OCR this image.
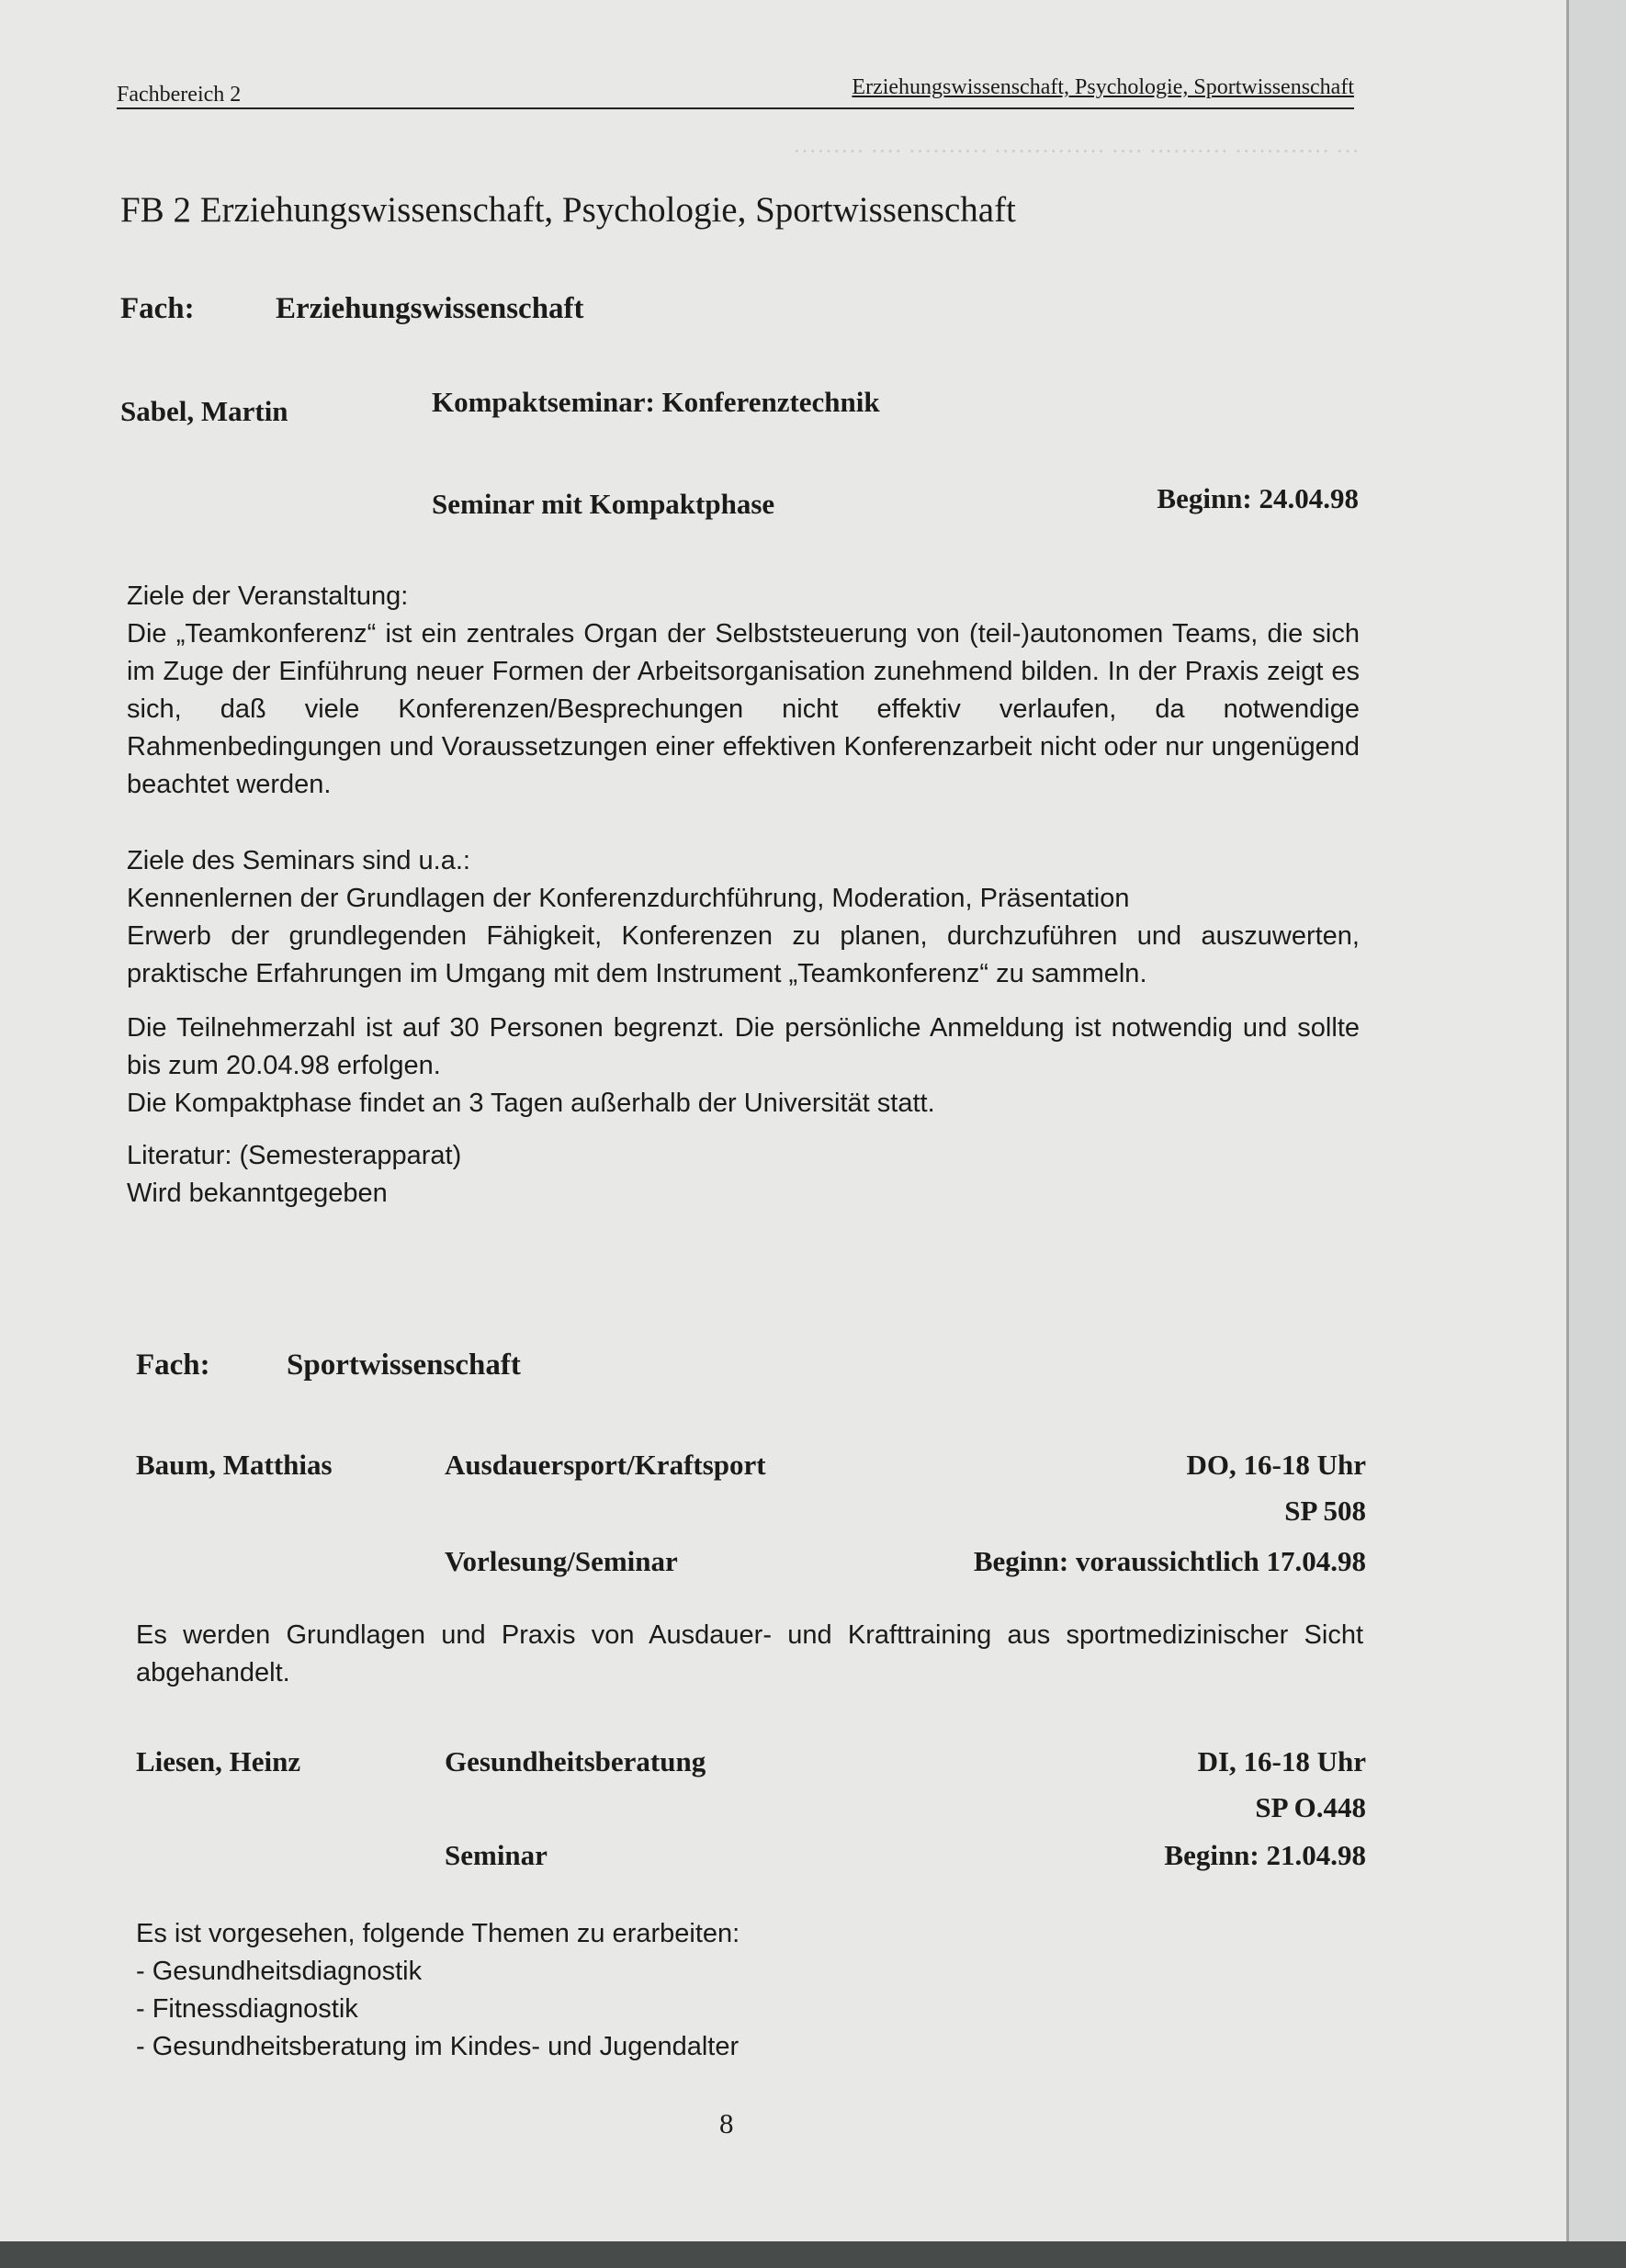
··· ············ ·········· ···· ·············· ·········· ···· ·········
Fachbereich 2	Erziehungswissenschaft, Psychologie, Sportwissenschaft
FB 2 Erziehungswissenschaft, Psychologie, Sportwissenschaft
Fach:	Erziehungswissenschaft
Sabel, Martin	Kompaktseminar: Konferenztechnik
Seminar mit Kompaktphase	Beginn: 24.04.98

Ziele der Veranstaltung:

Die „Teamkonferenz“ ist ein zentrales Organ der Selbststeuerung von (teil-)autonomen Teams, die sich im Zuge der Einführung neuer Formen der Arbeitsorganisation zunehmend bilden. In der Praxis zeigt es sich, daß viele Konferenzen/Besprechungen nicht effektiv verlaufen, da notwendige Rahmenbedingungen und Voraussetzungen einer effektiven Konferenzarbeit nicht oder nur ungenügend beachtet werden.

Ziele des Seminars sind u.a.:

Kennenlernen der Grundlagen der Konferenzdurchführung, Moderation, Präsentation

Erwerb der grundlegenden Fähigkeit, Konferenzen zu planen, durchzuführen und auszuwerten, praktische Erfahrungen im Umgang mit dem Instrument „Teamkonferenz“ zu sammeln.

Die Teilnehmerzahl ist auf 30 Personen begrenzt. Die persönliche Anmeldung ist notwendig und sollte bis zum 20.04.98 erfolgen.

Die Kompaktphase findet an 3 Tagen außerhalb der Universität statt.

Literatur: (Semesterapparat)

Wird bekanntgegeben

Fach:	Sportwissenschaft
Baum, Matthias	Ausdauersport/Kraftsport	DO, 16-18 Uhr
SP 508
Vorlesung/Seminar	Beginn: voraussichtlich 17.04.98

Es werden Grundlagen und Praxis von Ausdauer- und Krafttraining aus sportmedizinischer Sicht abgehandelt.

Liesen, Heinz	Gesundheitsberatung	DI, 16-18 Uhr
SP O.448
Seminar	Beginn: 21.04.98

Es ist vorgesehen, folgende Themen zu erarbeiten:

- Gesundheitsdiagnostik

- Fitnessdiagnostik

- Gesundheitsberatung im Kindes- und Jugendalter

8
